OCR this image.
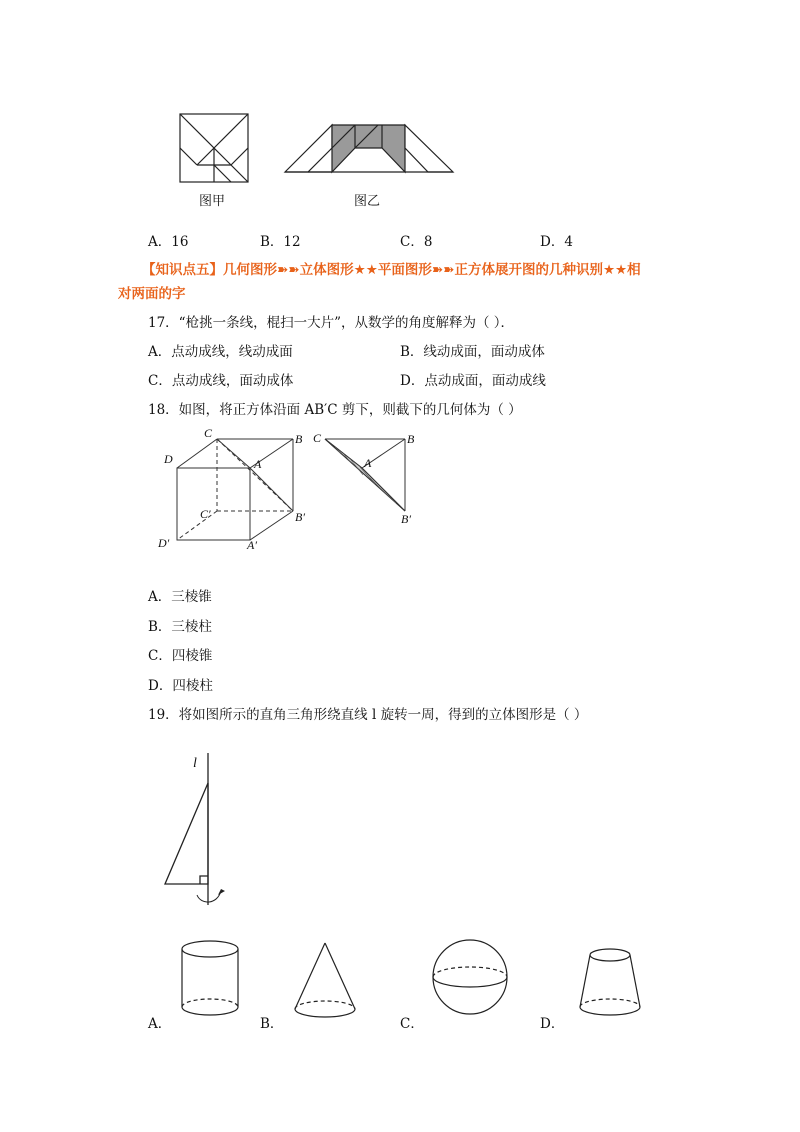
图甲	图乙
A．16	B．12	C．8	D．4
【知识点五】几何图形➽➽立体图形★★平面图形➽➽正方体展开图的几种识别★★相
对两面的字
17．“枪挑一条线，棍扫一大片”，从数学的角度解释为（ ）．
A．点动成线，线动成面	B．线动成面，面动成体
C．点动成线，面动成体	D．点动成面，面动成线
18．如图，将正方体沿面 AB′C 剪下，则截下的几何体为（ ）
C	B
D	A
C′	B′
D′	A′
C	B
A
B′
A．三棱锥
B．三棱柱
C．四棱锥
D．四棱柱
19．将如图所示的直角三角形绕直线 l 旋转一周，得到的立体图形是（ ）
l
A．	B．	C．	D．
